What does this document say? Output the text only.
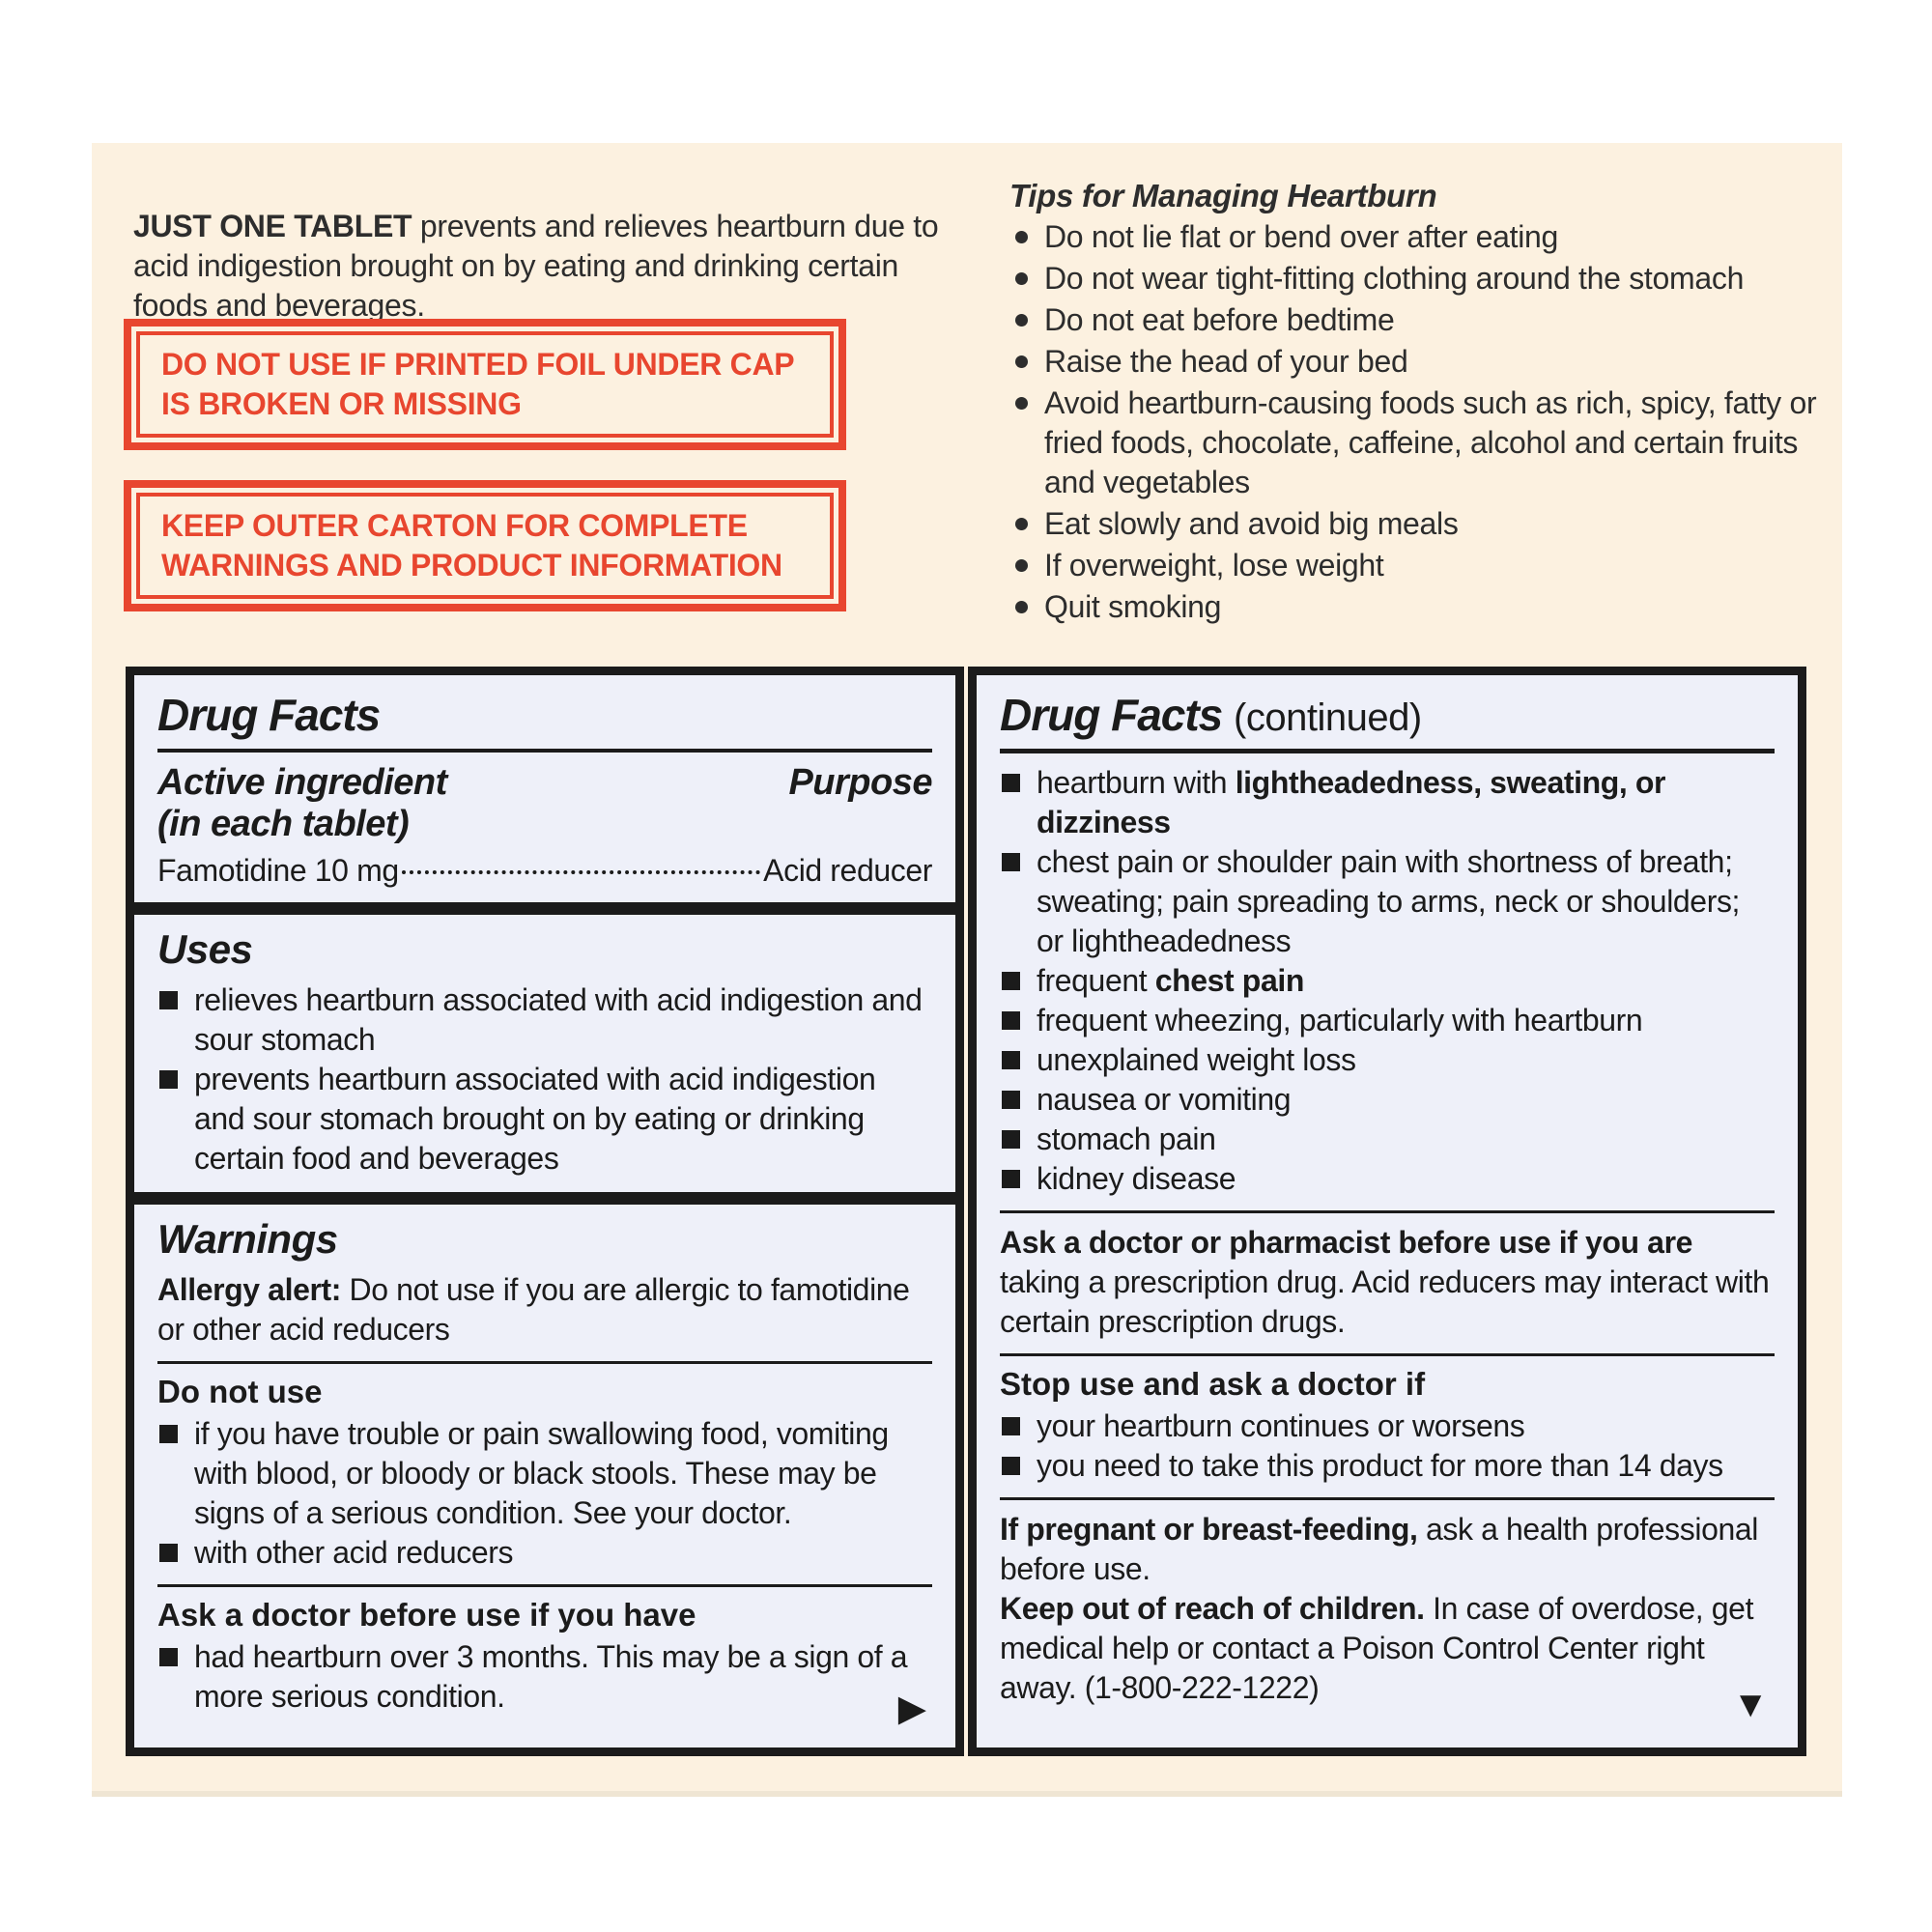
JUST ONE TABLET prevents and relieves heartburn due to acid indigestion brought on by eating and drinking certain foods and beverages.

DO NOT USE IF PRINTED FOIL UNDER CAP IS BROKEN OR MISSING
KEEP OUTER CARTON FOR COMPLETE WARNINGS AND PRODUCT INFORMATION

Tips for Managing Heartburn

Do not lie flat or bend over after eating
Do not wear tight-fitting clothing around the stomach
Do not eat before bedtime
Raise the head of your bed
Avoid heartburn-causing foods such as rich, spicy, fatty or fried foods, chocolate, caffeine, alcohol and certain fruits and vegetables
Eat slowly and avoid big meals
If overweight, lose weight
Quit smoking
Drug Facts
Active ingredient	Purpose
(in each tablet)
Famotidine 10 mg	Acid reducer
Uses
relieves heartburn associated with acid indigestion and sour stomach
prevents heartburn associated with acid indigestion and sour stomach brought on by eating or drinking certain food and beverages
Warnings

Allergy alert: Do not use if you are allergic to famotidine or other acid reducers

Do not use

if you have trouble or pain swallowing food, vomiting with blood, or bloody or black stools. These may be signs of a serious condition. See your doctor.
with other acid reducers

Ask a doctor before use if you have

had heartburn over 3 months. This may be a sign of a more serious condition.	▶
Drug Facts (continued)
heartburn with lightheadedness, sweating, or dizziness
chest pain or shoulder pain with shortness of breath; sweating; pain spreading to arms, neck or shoulders; or lightheadedness
frequent chest pain
frequent wheezing, particularly with heartburn
unexplained weight loss
nausea or vomiting
stomach pain
kidney disease

Ask a doctor or pharmacist before use if you are taking a prescription drug. Acid reducers may interact with certain prescription drugs.

Stop use and ask a doctor if

your heartburn continues or worsens
you need to take this product for more than 14 days

If pregnant or breast-feeding, ask a health professional before use.

Keep out of reach of children. In case of overdose, get medical help or contact a Poison Control Center right away. (1-800-222-1222)	▼
